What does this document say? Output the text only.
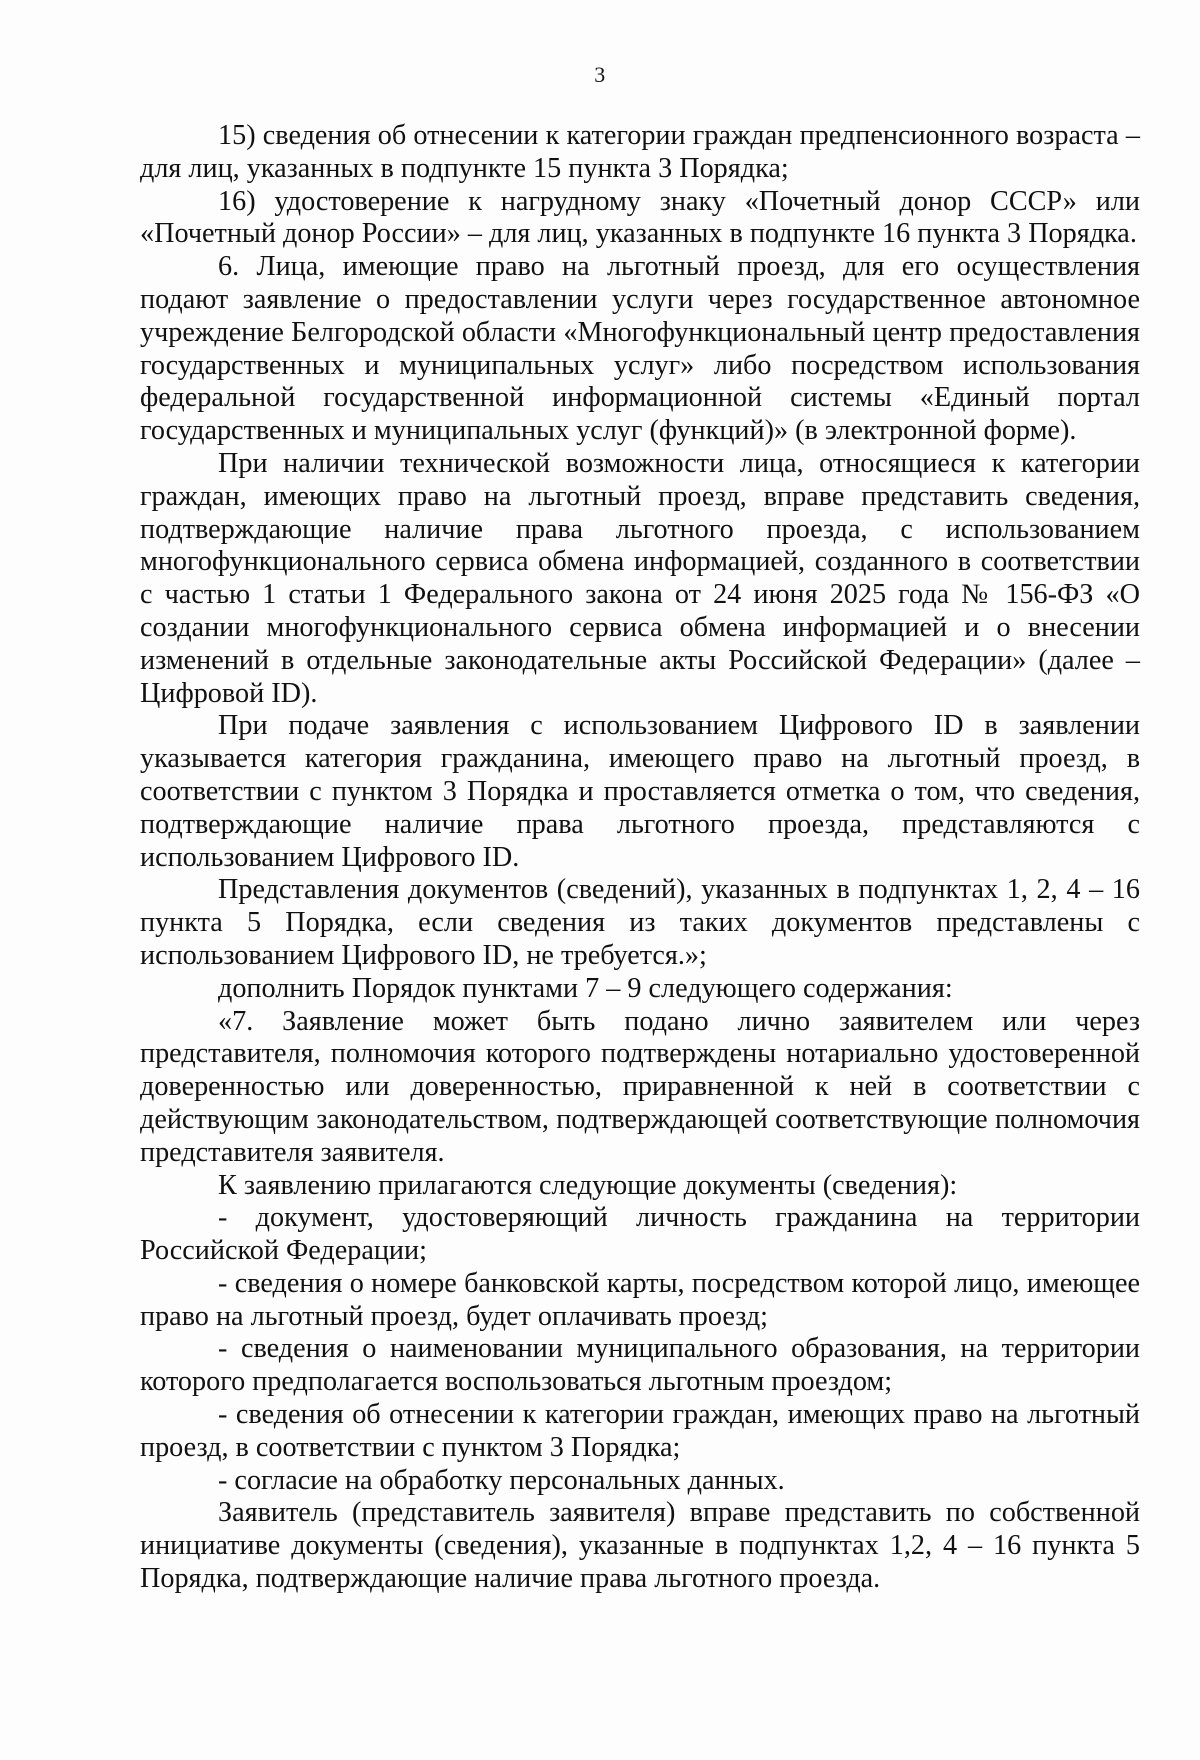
3

15) сведения об отнесении к категории граждан предпенсионного возраста – для лиц, указанных в подпункте 15 пункта 3 Порядка;

16) удостоверение к нагрудному знаку «Почетный донор СССР» или «Почетный донор России» – для лиц, указанных в подпункте 16 пункта 3 Порядка.

6. Лица, имеющие право на льготный проезд, для его осуществления подают заявление о предоставлении услуги через государственное автономное учреждение Белгородской области «Многофункциональный центр предоставления государственных и муниципальных услуг» либо посредством использования федеральной государственной информационной системы «Единый портал государственных и муниципальных услуг (функций)» (в электронной форме).

При наличии технической возможности лица, относящиеся к категории граждан, имеющих право на льготный проезд, вправе представить сведения, подтверждающие наличие права льготного проезда, с использованием многофункционального сервиса обмена информацией, созданного в соответствии с частью 1 статьи 1 Федерального закона от 24 июня 2025 года № 156-ФЗ «О создании многофункционального сервиса обмена информацией и о внесении изменений в отдельные законодательные акты Российской Федерации» (далее – Цифровой ID).

При подаче заявления с использованием Цифрового ID в заявлении указывается категория гражданина, имеющего право на льготный проезд, в соответствии с пунктом 3 Порядка и проставляется отметка о том, что сведения, подтверждающие наличие права льготного проезда, представляются с использованием Цифрового ID.

Представления документов (сведений), указанных в подпунктах 1, 2, 4 – 16 пункта 5 Порядка, если сведения из таких документов представлены с использованием Цифрового ID, не требуется.»;

дополнить Порядок пунктами 7 – 9 следующего содержания:

«7. Заявление может быть подано лично заявителем или через представителя, полномочия которого подтверждены нотариально удостоверенной доверенностью или доверенностью, приравненной к ней в соответствии с действующим законодательством, подтверждающей соответствующие полномочия представителя заявителя.

К заявлению прилагаются следующие документы (сведения):

- документ, удостоверяющий личность гражданина на территории Российской Федерации;

- сведения о номере банковской карты, посредством которой лицо, имеющее право на льготный проезд, будет оплачивать проезд;

- сведения о наименовании муниципального образования, на территории которого предполагается воспользоваться льготным проездом;

- сведения об отнесении к категории граждан, имеющих право на льготный проезд, в соответствии с пунктом 3 Порядка;

- согласие на обработку персональных данных.

Заявитель (представитель заявителя) вправе представить по собственной инициативе документы (сведения), указанные в подпунктах 1,2, 4 – 16 пункта 5 Порядка, подтверждающие наличие права льготного проезда.
